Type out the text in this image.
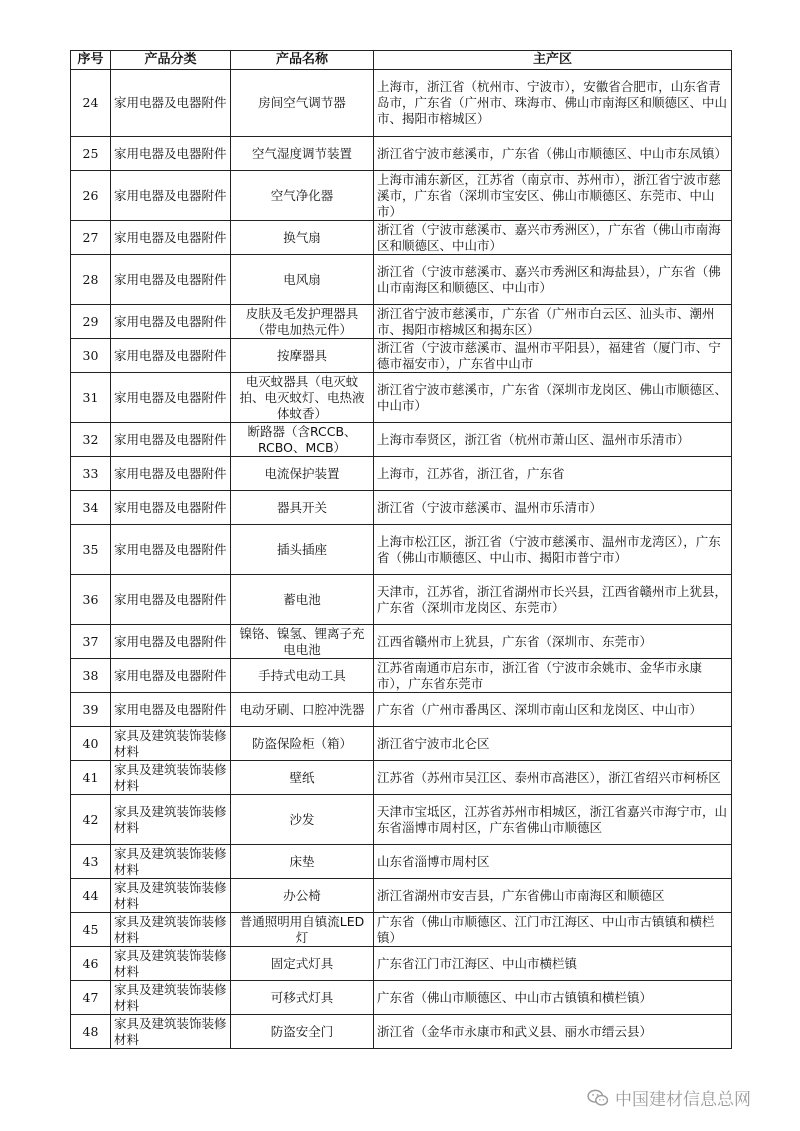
序号	产品分类	产品名称	主产区
24	家用电器及电器附件	房间空气调节器	上海市，浙江省（杭州市、宁波市），安徽省合肥市，山东省青岛市，广东省（广州市、珠海市、佛山市南海区和顺德区、中山市、揭阳市榕城区）
25	家用电器及电器附件	空气湿度调节装置	浙江省宁波市慈溪市，广东省（佛山市顺德区、中山市东凤镇）
26	家用电器及电器附件	空气净化器	上海市浦东新区，江苏省（南京市、苏州市），浙江省宁波市慈溪市，广东省（深圳市宝安区、佛山市顺德区、东莞市、中山市）
27	家用电器及电器附件	换气扇	浙江省（宁波市慈溪市、嘉兴市秀洲区），广东省（佛山市南海区和顺德区、中山市）
28	家用电器及电器附件	电风扇	浙江省（宁波市慈溪市、嘉兴市秀洲区和海盐县），广东省（佛山市南海区和顺德区、中山市）
29	家用电器及电器附件	皮肤及毛发护理器具（带电加热元件）	浙江省宁波市慈溪市，广东省（广州市白云区、汕头市、潮州市、揭阳市榕城区和揭东区）
30	家用电器及电器附件	按摩器具	浙江省（宁波市慈溪市、温州市平阳县），福建省（厦门市、宁德市福安市），广东省中山市
31	家用电器及电器附件	电灭蚊器具（电灭蚊拍、电灭蚊灯、电热液体蚊香）	浙江省宁波市慈溪市，广东省（深圳市龙岗区、佛山市顺德区、中山市）
32	家用电器及电器附件	断路器（含RCCB、RCBO、MCB）	上海市奉贤区，浙江省（杭州市萧山区、温州市乐清市）
33	家用电器及电器附件	电流保护装置	上海市，江苏省，浙江省，广东省
34	家用电器及电器附件	器具开关	浙江省（宁波市慈溪市、温州市乐清市）
35	家用电器及电器附件	插头插座	上海市松江区，浙江省（宁波市慈溪市、温州市龙湾区），广东省（佛山市顺德区、中山市、揭阳市普宁市）
36	家用电器及电器附件	蓄电池	天津市，江苏省，浙江省湖州市长兴县，江西省赣州市上犹县，广东省（深圳市龙岗区、东莞市）
37	家用电器及电器附件	镍铬、镍氢、锂离子充电电池	江西省赣州市上犹县，广东省（深圳市、东莞市）
38	家用电器及电器附件	手持式电动工具	江苏省南通市启东市，浙江省（宁波市余姚市、金华市永康市），广东省东莞市
39	家用电器及电器附件	电动牙刷、口腔冲洗器	广东省（广州市番禺区、深圳市南山区和龙岗区、中山市）
40	家具及建筑装饰装修材料	防盗保险柜（箱）	浙江省宁波市北仑区
41	家具及建筑装饰装修材料	壁纸	江苏省（苏州市吴江区、泰州市高港区），浙江省绍兴市柯桥区
42	家具及建筑装饰装修材料	沙发	天津市宝坻区，江苏省苏州市相城区，浙江省嘉兴市海宁市，山东省淄博市周村区，广东省佛山市顺德区
43	家具及建筑装饰装修材料	床垫	山东省淄博市周村区
44	家具及建筑装饰装修材料	办公椅	浙江省湖州市安吉县，广东省佛山市南海区和顺德区
45	家具及建筑装饰装修材料	普通照明用自镇流LED灯	广东省（佛山市顺德区、江门市江海区、中山市古镇镇和横栏镇）
46	家具及建筑装饰装修材料	固定式灯具	广东省江门市江海区、中山市横栏镇
47	家具及建筑装饰装修材料	可移式灯具	广东省（佛山市顺德区、中山市古镇镇和横栏镇）
48	家具及建筑装饰装修材料	防盗安全门	浙江省（金华市永康市和武义县、丽水市缙云县）
中国建材信息总网
